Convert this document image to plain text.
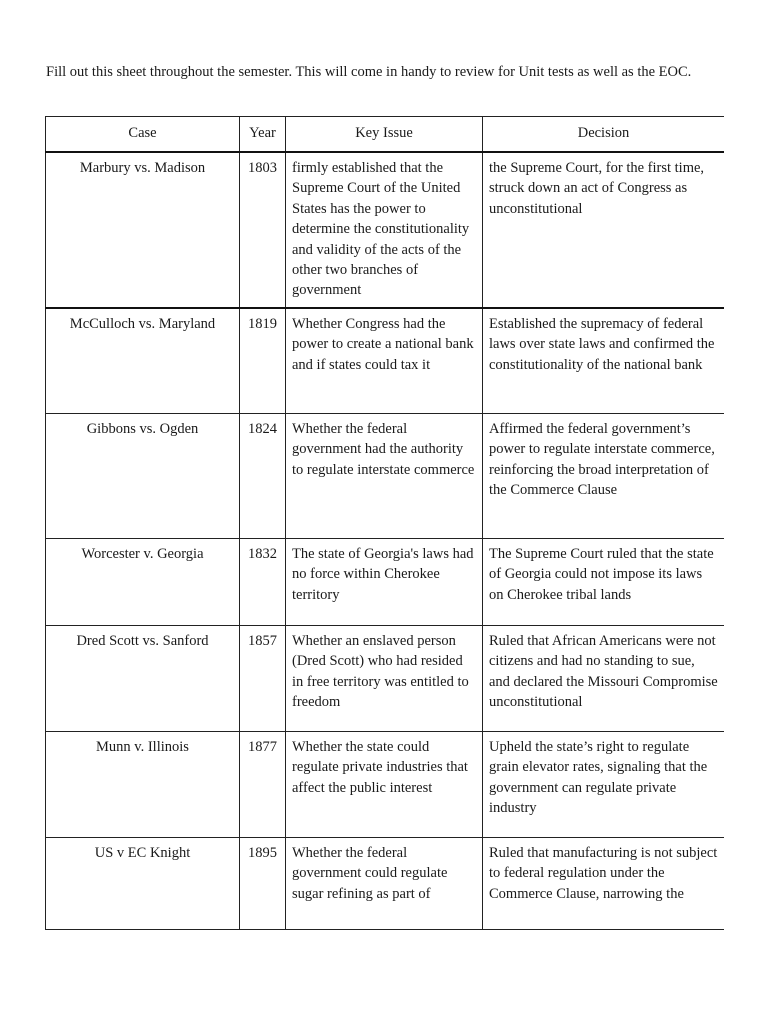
Fill out this sheet throughout the semester. This will come in handy to review for Unit tests as well as the EOC.

Case	Year	Key Issue	Decision
Marbury vs. Madison	1803	firmly established that the Supreme Court of the United States has the power to determine the constitutionality and validity of the acts of the other two branches of government	the Supreme Court, for the first time, struck down an act of Congress as unconstitutional
McCulloch vs. Maryland	1819	Whether Congress had the power to create a national bank and if states could tax it	Established the supremacy of federal laws over state laws and confirmed the constitutionality of the national bank
Gibbons vs. Ogden	1824	Whether the federal government had the authority to regulate interstate commerce	Affirmed the federal government’s power to regulate interstate commerce, reinforcing the broad interpretation of the Commerce Clause
Worcester v. Georgia	1832	The state of Georgia's laws had no force within Cherokee territory	The Supreme Court ruled that the state of Georgia could not impose its laws on Cherokee tribal lands
Dred Scott vs. Sanford	1857	Whether an enslaved person (Dred Scott) who had resided in free territory was entitled to freedom	Ruled that African Americans were not citizens and had no standing to sue, and declared the Missouri Compromise unconstitutional
Munn v. Illinois	1877	Whether the state could regulate private industries that affect the public interest	Upheld the state’s right to regulate grain elevator rates, signaling that the government can regulate private industry
US v EC Knight	1895	Whether the federal government could regulate sugar refining as part of	Ruled that manufacturing is not subject to federal regulation under the Commerce Clause, narrowing the
